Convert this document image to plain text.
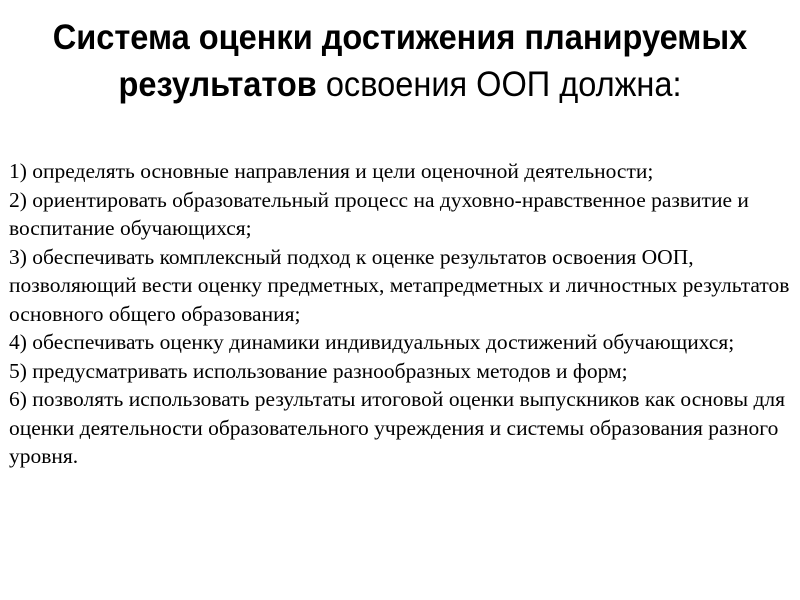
Система оценки достижения планируемых результатов освоения ООП должна:

1) определять основные направления и цели оценочной деятельности;

2) ориентировать образовательный процесс на духовно-нравственное развитие и воспитание обучающихся;

3) обеспечивать комплексный подход к оценке результатов освоения ООП, позволяющий вести оценку предметных, метапредметных и личностных результатов основного общего образования;

4) обеспечивать оценку динамики индивидуальных достижений обучающихся;

5) предусматривать использование разнообразных методов и форм;

6) позволять использовать результаты итоговой оценки выпускников как основы для оценки деятельности образовательного учреждения и системы образования разного уровня.
